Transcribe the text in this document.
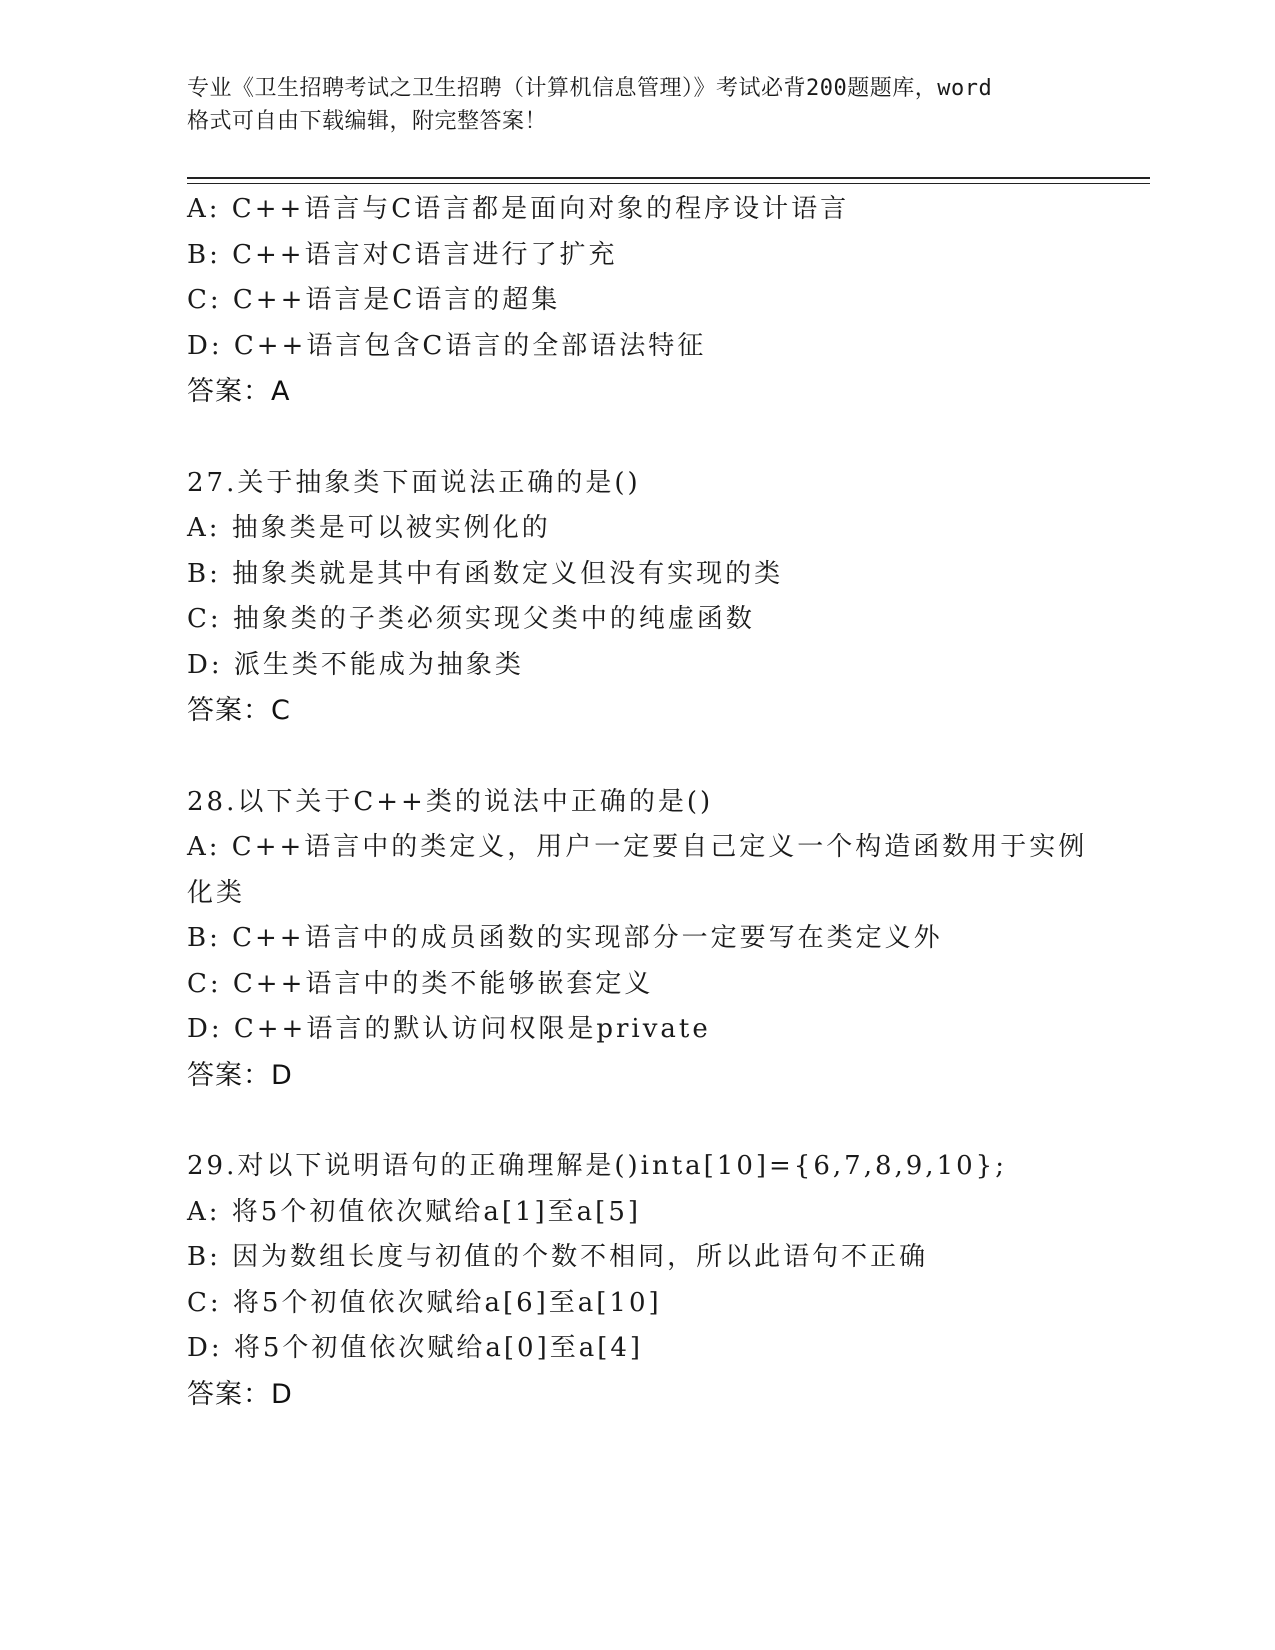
专业《卫生招聘考试之卫生招聘（计算机信息管理）》考试必背200题题库，word
格式可自由下载编辑，附完整答案！
A: C++语言与C语言都是面向对象的程序设计语言
B: C++语言对C语言进行了扩充
C: C++语言是C语言的超集
D: C++语言包含C语言的全部语法特征
答案：A
27.关于抽象类下面说法正确的是()
A: 抽象类是可以被实例化的
B: 抽象类就是其中有函数定义但没有实现的类
C: 抽象类的子类必须实现父类中的纯虚函数
D: 派生类不能成为抽象类
答案：C
28.以下关于C++类的说法中正确的是()
A: C++语言中的类定义，用户一定要自己定义一个构造函数用于实例
化类
B: C++语言中的成员函数的实现部分一定要写在类定义外
C: C++语言中的类不能够嵌套定义
D: C++语言的默认访问权限是private
答案：D
29.对以下说明语句的正确理解是()inta[10]={6,7,8,9,10};
A: 将5个初值依次赋给a[1]至a[5]
B: 因为数组长度与初值的个数不相同，所以此语句不正确
C: 将5个初值依次赋给a[6]至a[10]
D: 将5个初值依次赋给a[0]至a[4]
答案：D
